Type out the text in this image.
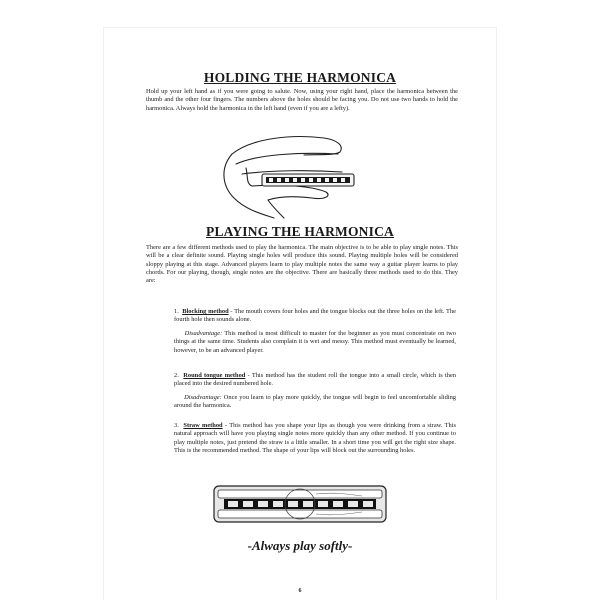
HOLDING THE HARMONICA

Hold up your left hand as if you were going to salute. Now, using your right hand, place the harmonica between the thumb and the other four fingers. The numbers above the holes should be facing you. Do not use two hands to hold the harmonica. Always hold the harmonica in the left hand (even if you are a lefty).

PLAYING THE HARMONICA

There are a few different methods used to play the harmonica. The main objective is to be able to play single notes. This will be a clear definite sound. Playing single holes will produce this sound. Playing multiple holes will be considered sloppy playing at this stage. Advanced players learn to play multiple notes the same way a guitar player learns to play chords. For our playing, though, single notes are the objective. There are basically three methods used to do this. They are:

1. Blocking method - The mouth covers four holes and the tongue blocks out the three holes on the left. The fourth hole then sounds alone.

Disadvantage: This method is most difficult to master for the beginner as you must concentrate on two things at the same time. Students also complain it is wet and messy. This method must eventually be learned, however, to be an advanced player.

2. Round tongue method - This method has the student roll the tongue into a small circle, which is then placed into the desired numbered hole.

Disadvantage: Once you learn to play more quickly, the tongue will begin to feel uncomfortable sliding around the harmonica.

3. Straw method - This method has you shape your lips as though you were drinking from a straw. This natural approach will have you playing single notes more quickly than any other method. If you continue to play multiple notes, just pretend the straw is a little smaller. In a short time you will get the right size shape. This is the recommended method. The shape of your lips will block out the surrounding holes.

-Always play softly-

6
